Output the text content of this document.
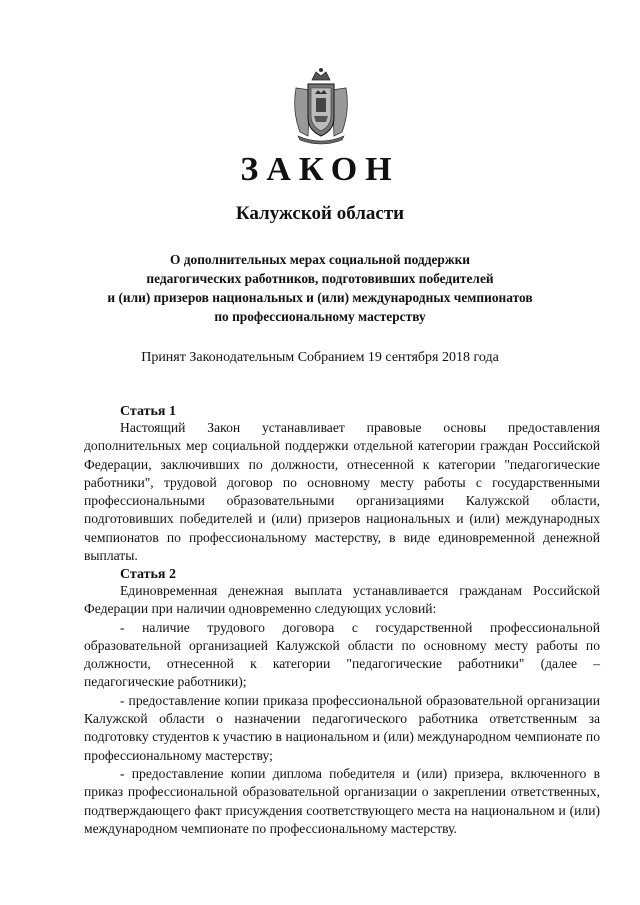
ЗАКОН
Калужской области
О дополнительных мерах социальной поддержки
педагогических работников, подготовивших победителей
и (или) призеров национальных и (или) международных чемпионатов
по профессиональному мастерству
Принят Законодательным Собранием 19 сентября 2018 года
Статья 1

Настоящий Закон устанавливает правовые основы предоставления дополнительных мер социальной поддержки отдельной категории граждан Российской Федерации, заключивших по должности, отнесенной к категории "педагогические работники", трудовой договор по основному месту работы с государственными профессиональными образовательными организациями Калужской области, подготовивших победителей и (или) призеров национальных и (или) международных чемпионатов по профессиональному мастерству, в виде единовременной денежной выплаты.

Статья 2

Единовременная денежная выплата устанавливается гражданам Российской Федерации при наличии одновременно следующих условий:

- наличие трудового договора с государственной профессиональной образовательной организацией Калужской области по основному месту работы по должности, отнесенной к категории "педагогические работники" (далее – педагогические работники);

- предоставление копии приказа профессиональной образовательной организации Калужской области о назначении педагогического работника ответственным за подготовку студентов к участию в национальном и (или) международном чемпионате по профессиональному мастерству;

- предоставление копии диплома победителя и (или) призера, включенного в приказ профессиональной образовательной организации о закреплении ответственных, подтверждающего факт присуждения соответствующего места на национальном и (или) международном чемпионате по профессиональному мастерству.
